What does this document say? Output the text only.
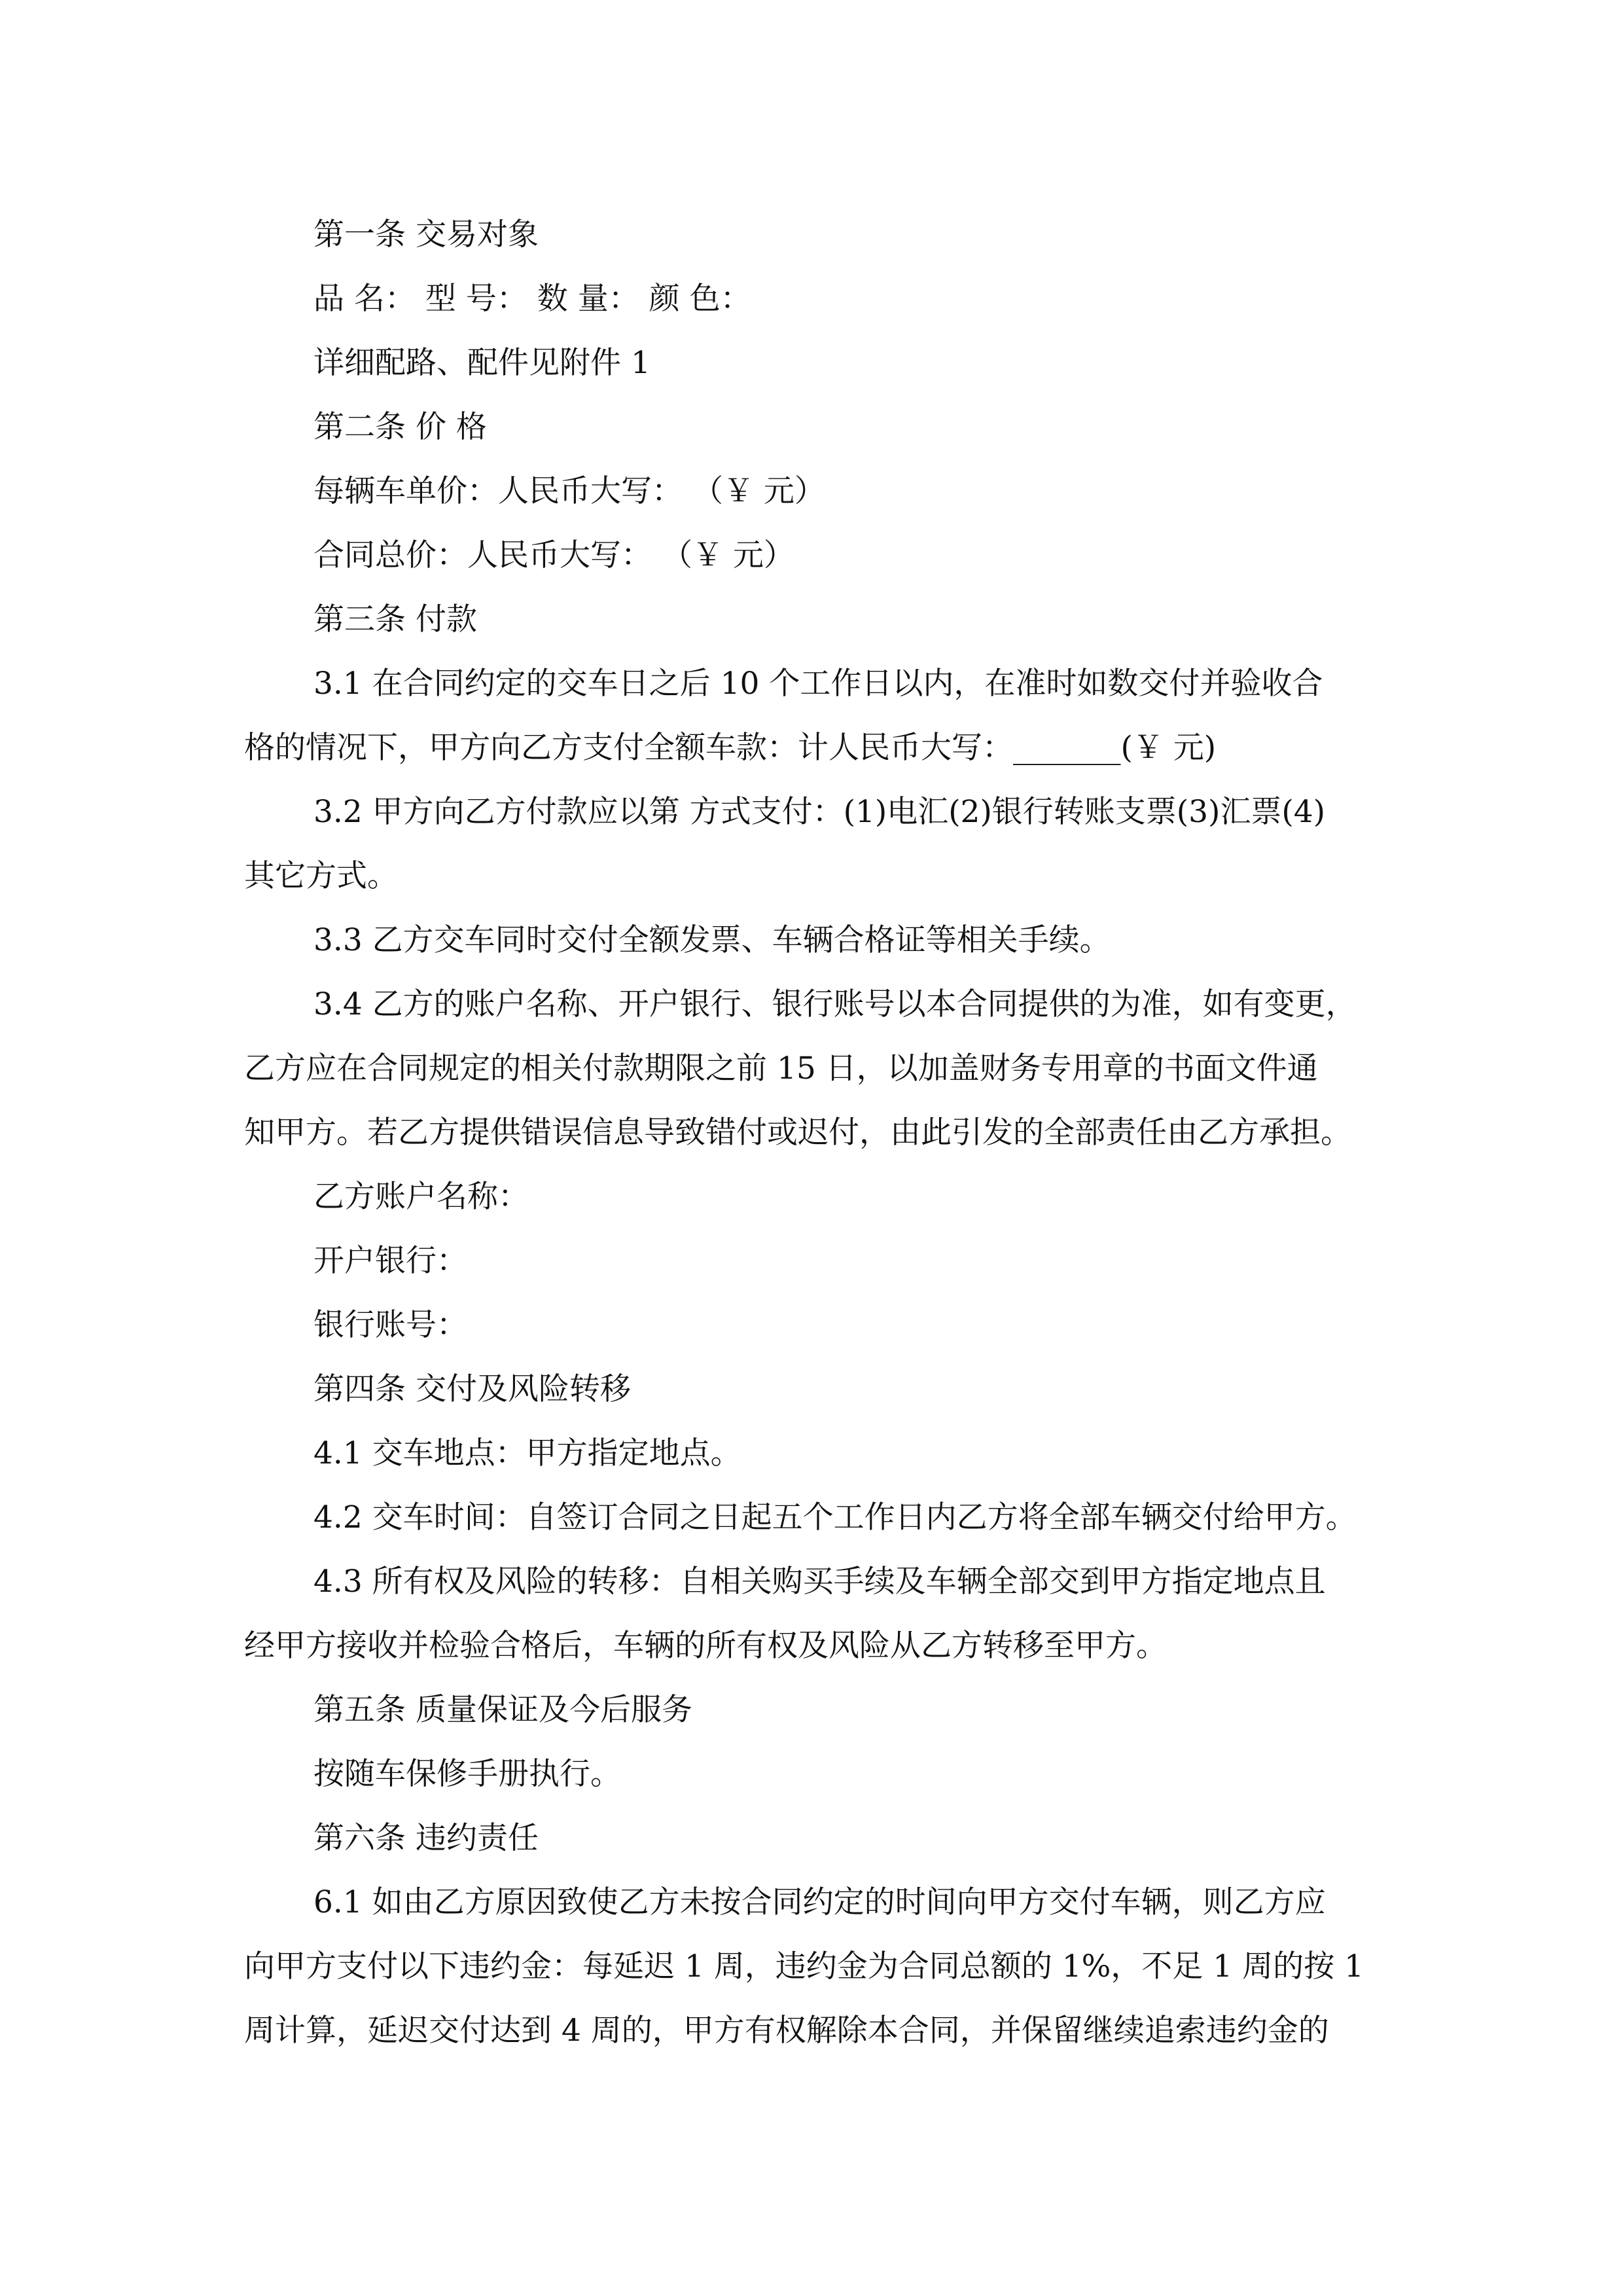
第一条 交易对象
品 名： 型 号： 数 量： 颜 色：
详细配路、配件见附件 1
第二条 价 格
每辆车单价：人民币大写： （￥ 元）
合同总价：人民币大写： （￥ 元）
第三条 付款
3.1 在合同约定的交车日之后 10 个工作日以内，在准时如数交付并验收合
格的情况下，甲方向乙方支付全额车款：计人民币大写：_______(￥ 元)
3.2 甲方向乙方付款应以第 方式支付：(1)电汇(2)银行转账支票(3)汇票(4)
其它方式。
3.3 乙方交车同时交付全额发票、车辆合格证等相关手续。
3.4 乙方的账户名称、开户银行、银行账号以本合同提供的为准，如有变更，
乙方应在合同规定的相关付款期限之前 15 日，以加盖财务专用章的书面文件通
知甲方。若乙方提供错误信息导致错付或迟付，由此引发的全部责任由乙方承担。
乙方账户名称：
开户银行：
银行账号：
第四条 交付及风险转移
4.1 交车地点：甲方指定地点。
4.2 交车时间：自签订合同之日起五个工作日内乙方将全部车辆交付给甲方。
4.3 所有权及风险的转移：自相关购买手续及车辆全部交到甲方指定地点且
经甲方接收并检验合格后，车辆的所有权及风险从乙方转移至甲方。
第五条 质量保证及今后服务
按随车保修手册执行。
第六条 违约责任
6.1 如由乙方原因致使乙方未按合同约定的时间向甲方交付车辆，则乙方应
向甲方支付以下违约金：每延迟 1 周，违约金为合同总额的 1%，不足 1 周的按 1
周计算，延迟交付达到 4 周的，甲方有权解除本合同，并保留继续追索违约金的
